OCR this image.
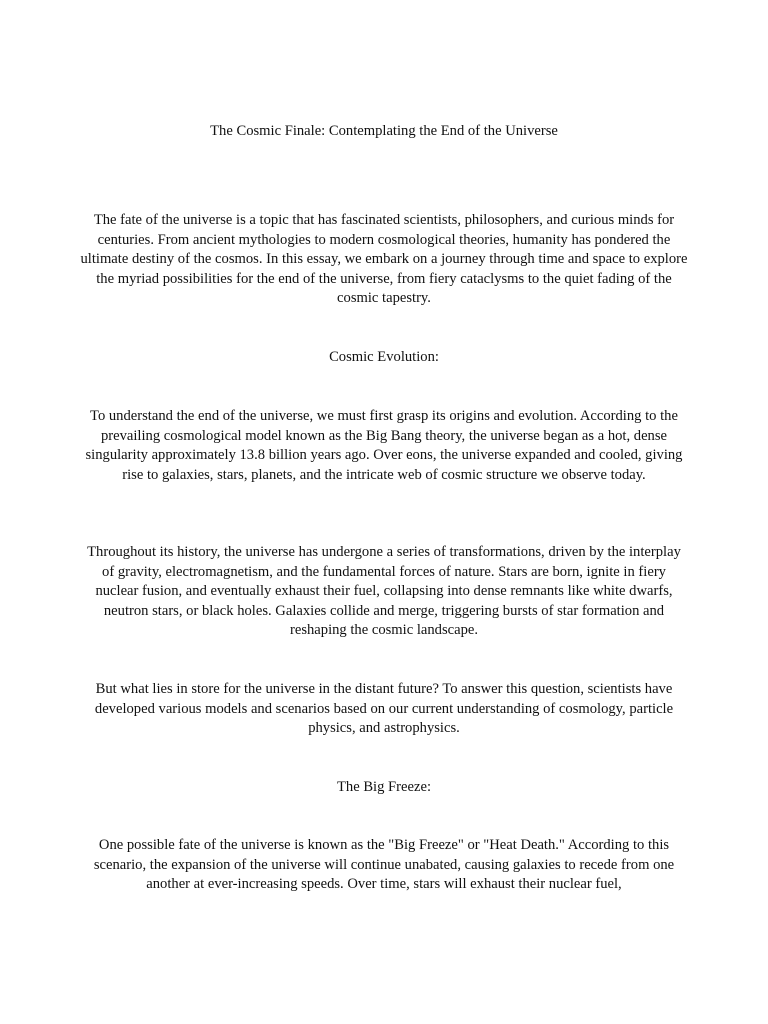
The Cosmic Finale: Contemplating the End of the Universe

The fate of the universe is a topic that has fascinated scientists, philosophers, and curious minds for centuries. From ancient mythologies to modern cosmological theories, humanity has pondered the ultimate destiny of the cosmos. In this essay, we embark on a journey through time and space to explore the myriad possibilities for the end of the universe, from fiery cataclysms to the quiet fading of the cosmic tapestry.

Cosmic Evolution:

To understand the end of the universe, we must first grasp its origins and evolution. According to the prevailing cosmological model known as the Big Bang theory, the universe began as a hot, dense singularity approximately 13.8 billion years ago. Over eons, the universe expanded and cooled, giving rise to galaxies, stars, planets, and the intricate web of cosmic structure we observe today.

Throughout its history, the universe has undergone a series of transformations, driven by the interplay of gravity, electromagnetism, and the fundamental forces of nature. Stars are born, ignite in fiery nuclear fusion, and eventually exhaust their fuel, collapsing into dense remnants like white dwarfs, neutron stars, or black holes. Galaxies collide and merge, triggering bursts of star formation and reshaping the cosmic landscape.

But what lies in store for the universe in the distant future? To answer this question, scientists have developed various models and scenarios based on our current understanding of cosmology, particle physics, and astrophysics.

The Big Freeze:

One possible fate of the universe is known as the "Big Freeze" or "Heat Death." According to this scenario, the expansion of the universe will continue unabated, causing galaxies to recede from one another at ever-increasing speeds. Over time, stars will exhaust their nuclear fuel,
